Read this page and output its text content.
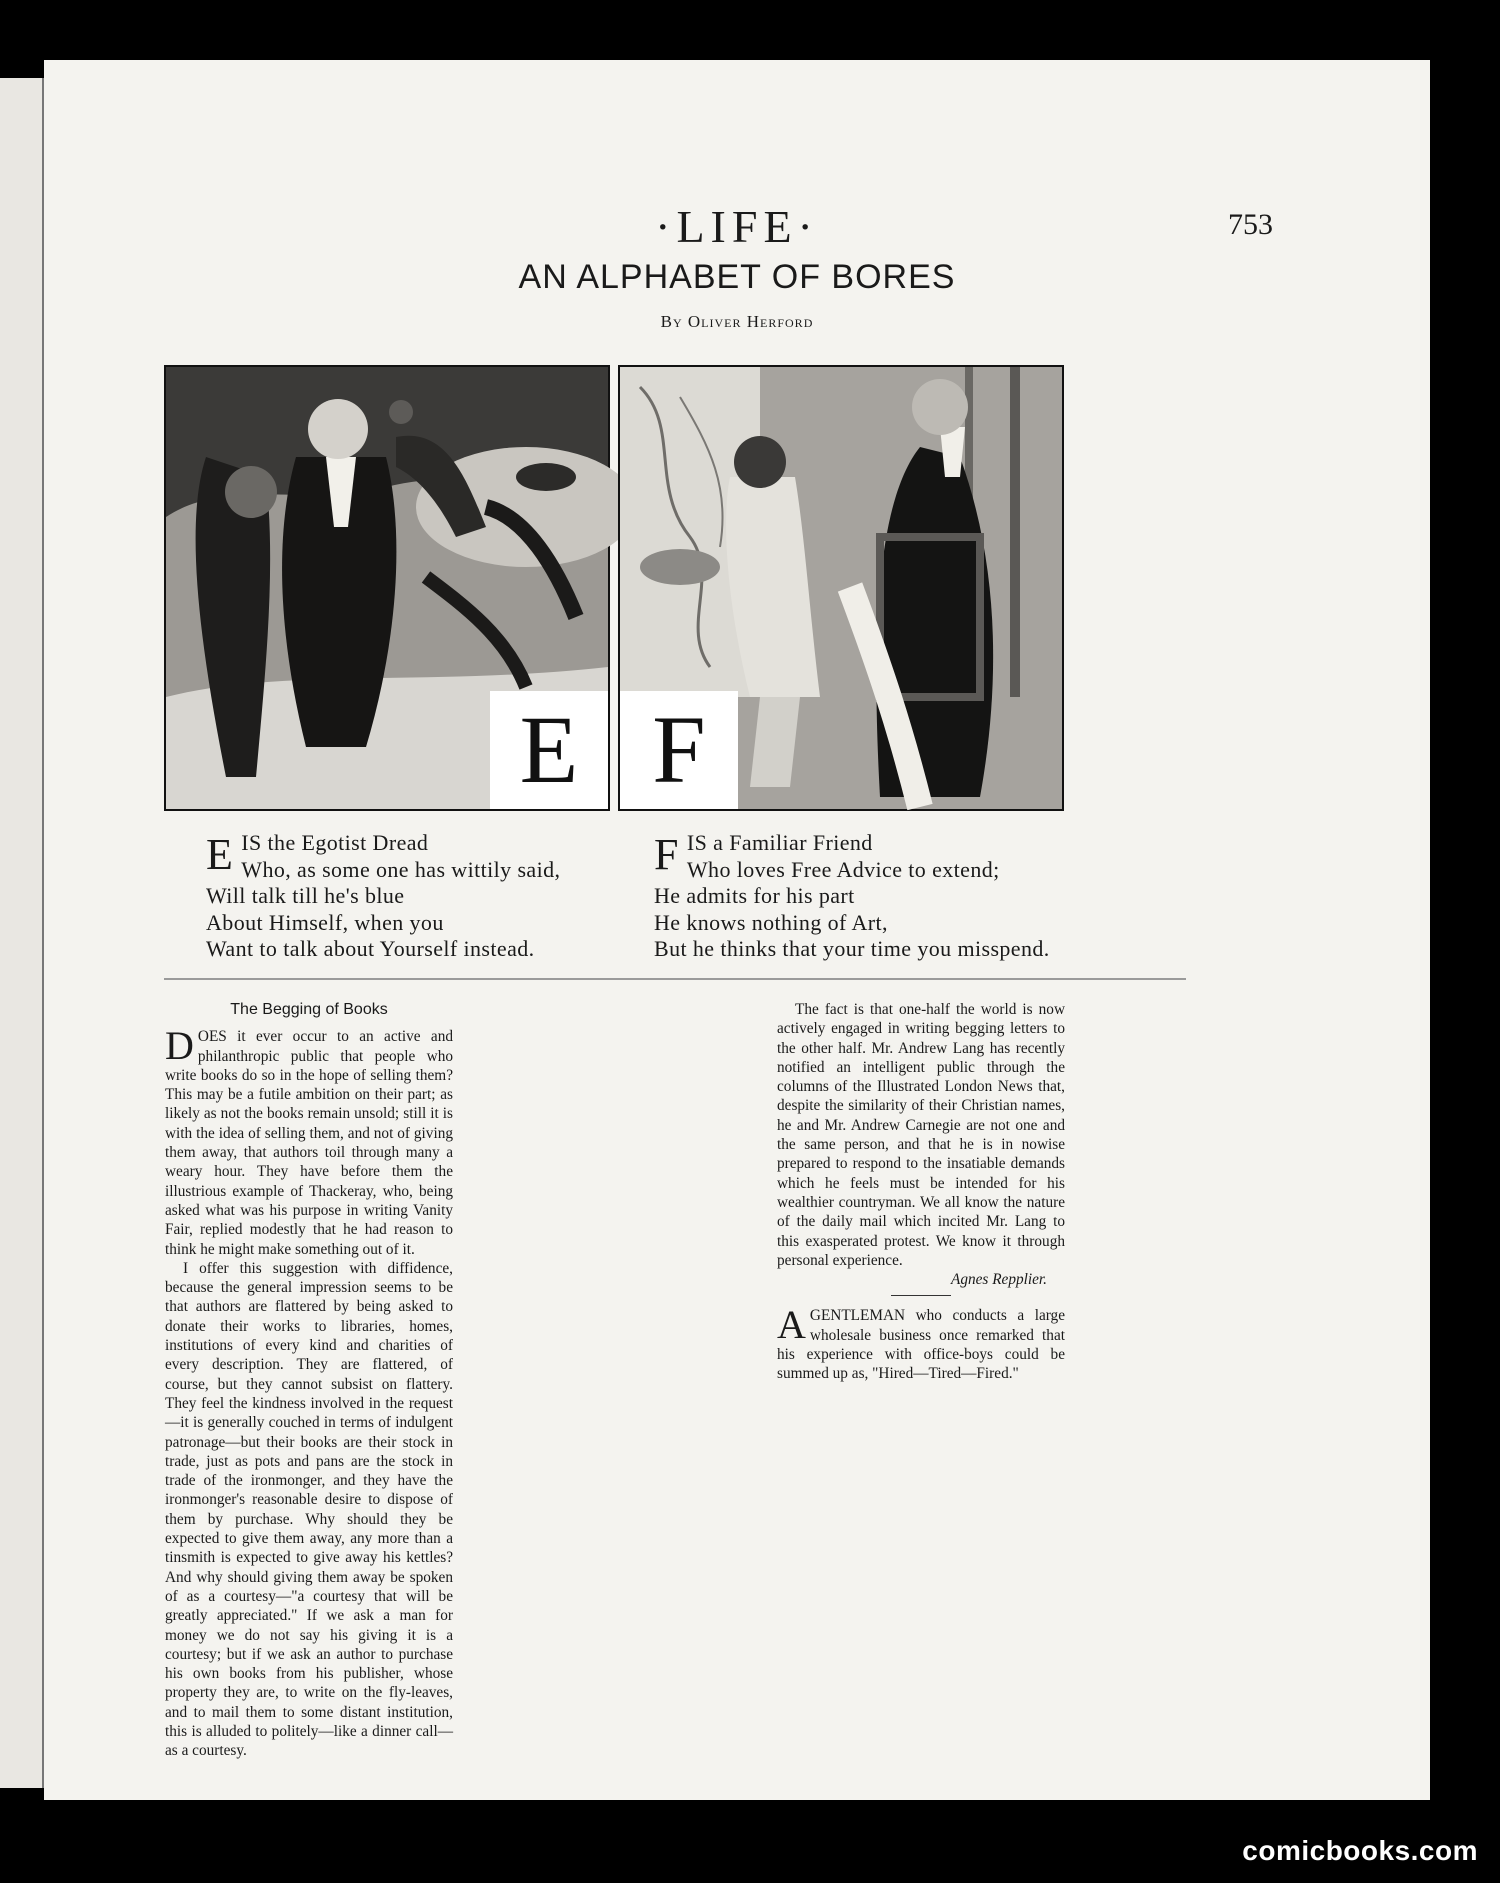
·LIFE·	753
AN ALPHABET OF BORES
By Oliver Herford
E F
E IS the Egotist Dread
Who, as some one has wittily said,
Will talk till he's blue
About Himself, when you
Want to talk about Yourself instead.
F IS a Familiar Friend
Who loves Free Advice to extend;
He admits for his part
He knows nothing of Art,
But he thinks that your time you misspend.
The Begging of Books

DOES it ever occur to an active and philanthropic public that people who write books do so in the hope of selling them? This may be a futile ambition on their part; as likely as not the books remain unsold; still it is with the idea of selling them, and not of giving them away, that authors toil through many a weary hour. They have before them the illustrious example of Thackeray, who, being asked what was his purpose in writing Vanity Fair, replied modestly that he had reason to think he might make something out of it.

I offer this suggestion with diffidence, because the general impression seems to be that authors are flattered by being asked to donate their works to libraries, homes, institutions of every kind and charities of every description. They are flattered, of course, but they cannot subsist on flattery. They feel the kindness involved in the request—it is generally couched in terms of indulgent patronage—but their books are their stock in trade, just as pots and pans are the stock in trade of the ironmonger, and they have the ironmonger's reasonable desire to dispose of them by purchase. Why should they be expected to give them away, any more than a tinsmith is expected to give away his kettles? And why should giving them away be spoken of as a courtesy—"a courtesy that will be greatly appreciated." If we ask a man for money we do not say his giving it is a courtesy; but if we ask an author to purchase his own books from his publisher, whose property they are, to write on the fly-leaves, and to mail them to some distant institution, this is alluded to politely—like a dinner call—as a courtesy.

The fact is that one-half the world is now actively engaged in writing begging letters to the other half. Mr. Andrew Lang has recently notified an intelligent public through the columns of the Illustrated London News that, despite the similarity of their Christian names, he and Mr. Andrew Carnegie are not one and the same person, and that he is in nowise prepared to respond to the insatiable demands which he feels must be intended for his wealthier countryman. We all know the nature of the daily mail which incited Mr. Lang to this exasperated protest. We know it through personal experience.

Agnes Repplier.

AGENTLEMAN who conducts a large wholesale business once remarked that his experience with office-boys could be summed up as, "Hired—Tired—Fired."

comicbooks.com
